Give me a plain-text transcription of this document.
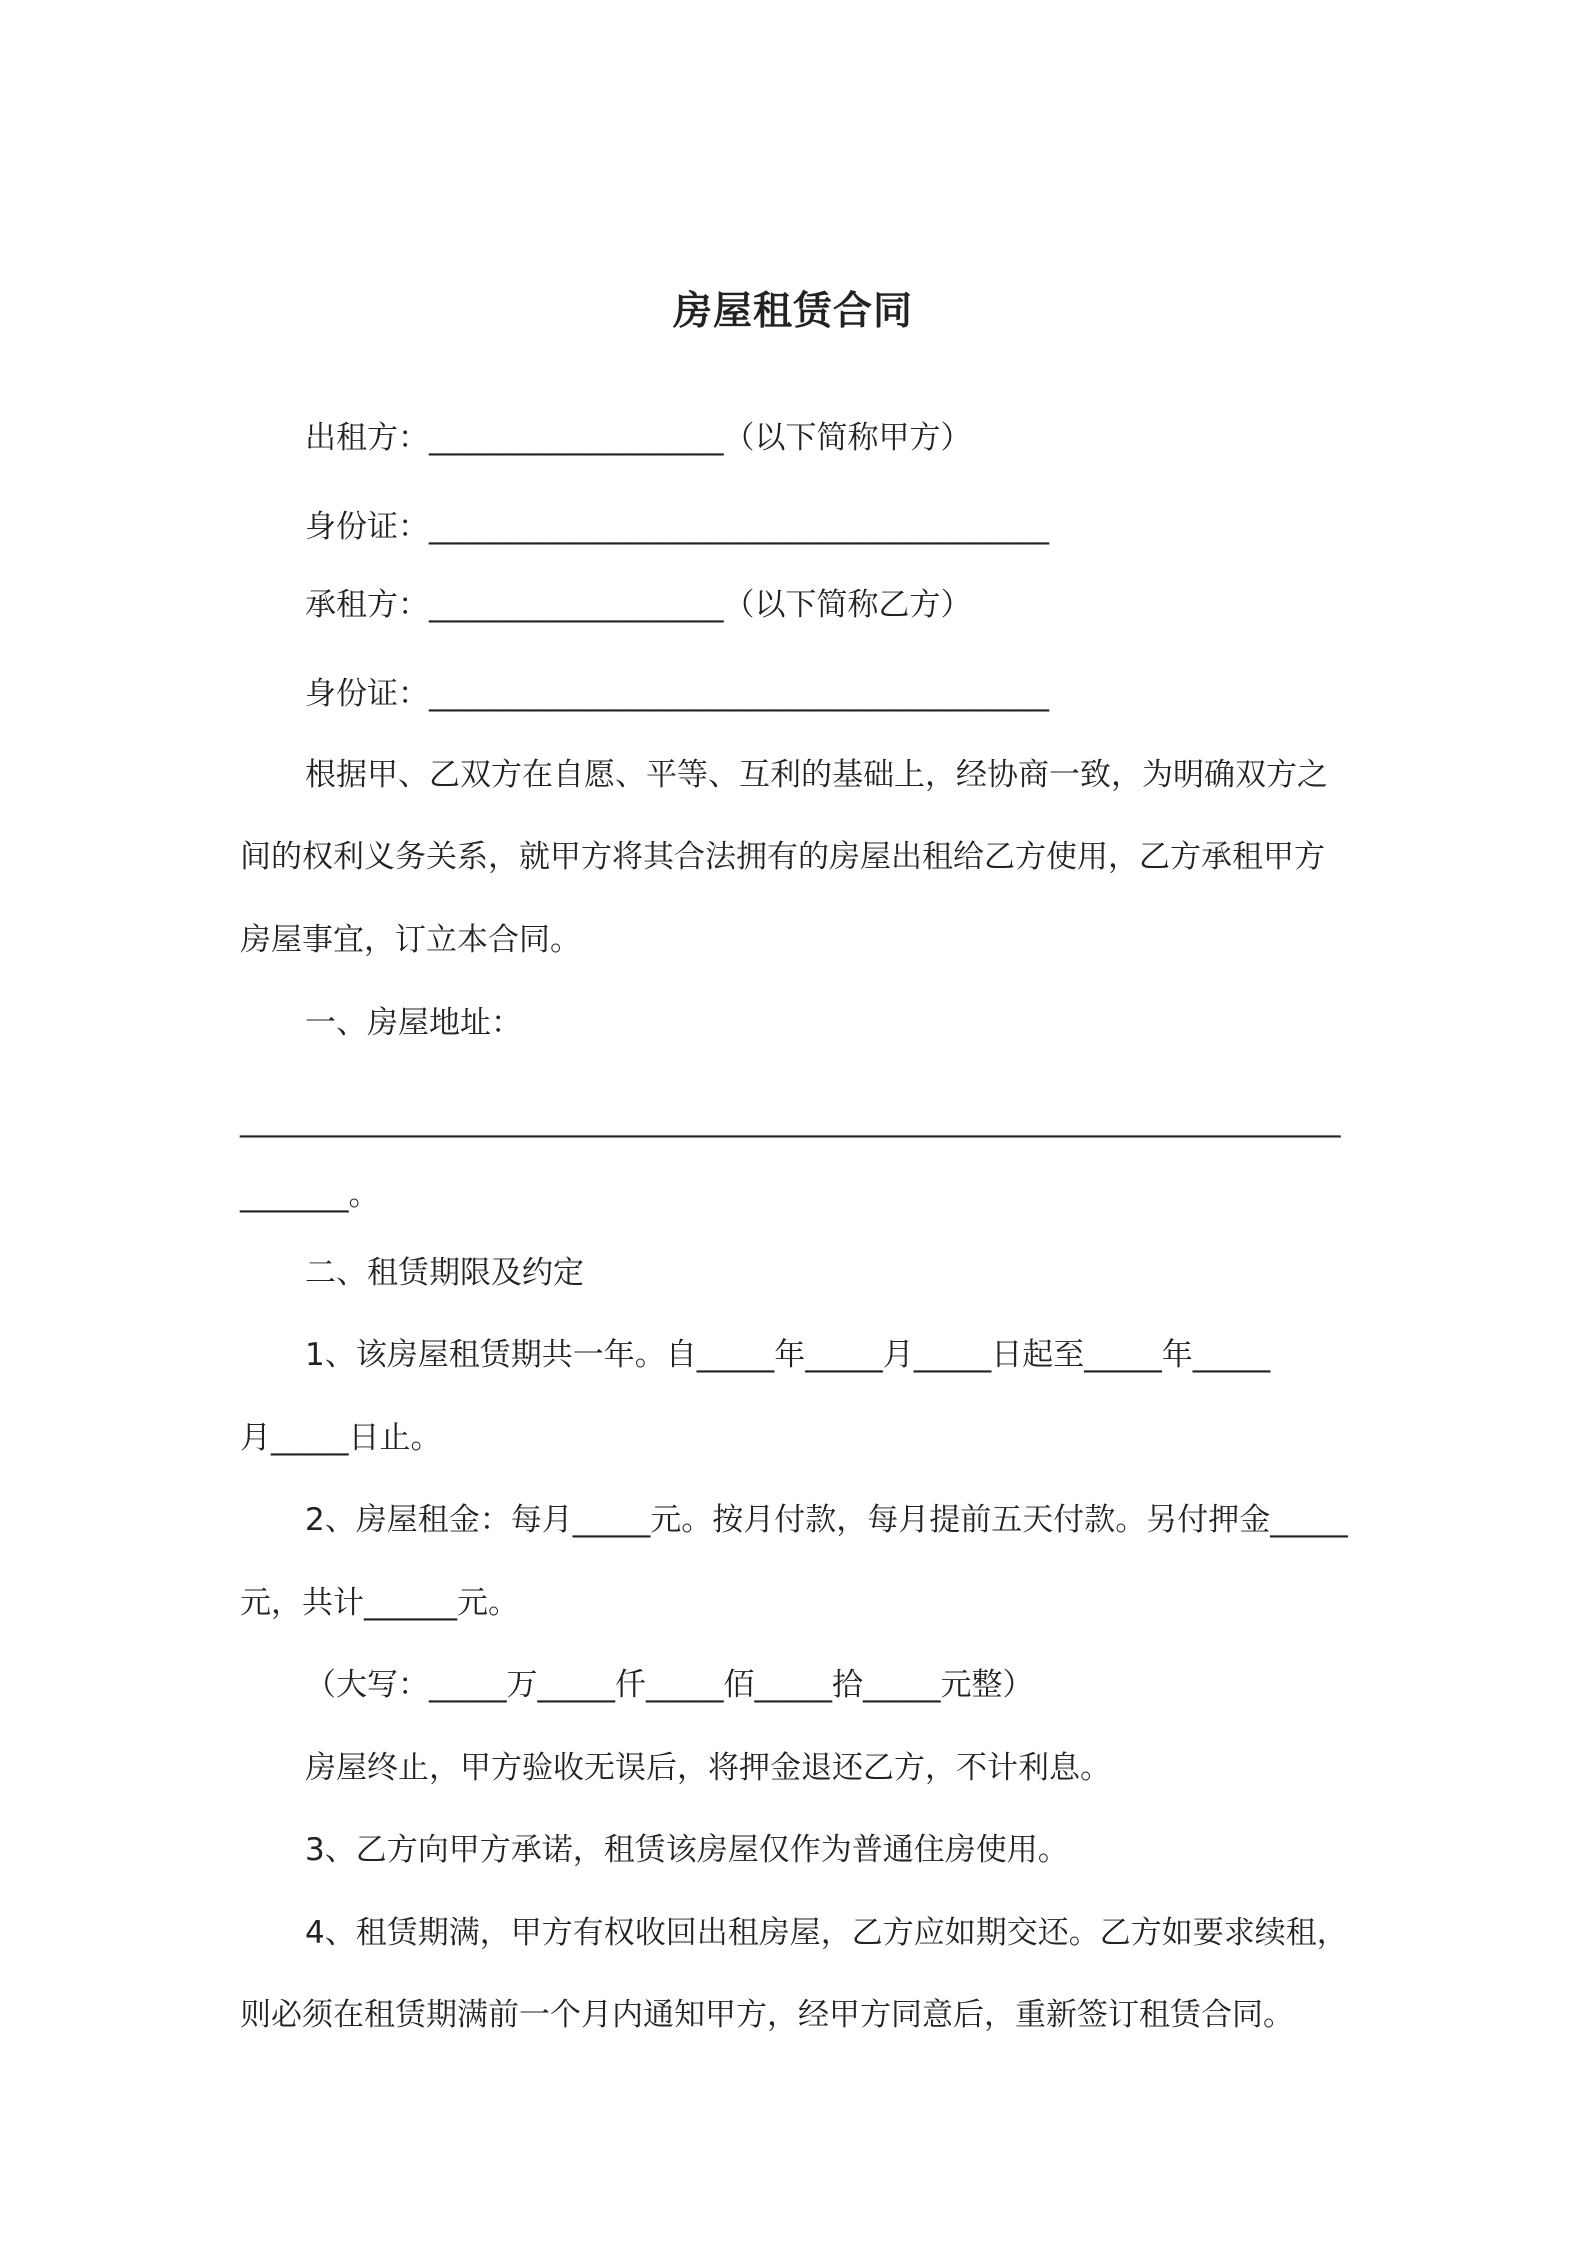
房屋租赁合同
出租方：___________________（以下简称甲方）
身份证：________________________________________
承租方：___________________（以下简称乙方）
身份证：________________________________________
根据甲、乙双方在自愿、平等、互利的基础上，经协商一致，为明确双方之
间的权利义务关系，就甲方将其合法拥有的房屋出租给乙方使用，乙方承租甲方
房屋事宜，订立本合同。
一、房屋地址：
_______________________________________________________________________
_______。
二、租赁期限及约定
1、该房屋租赁期共一年。自_____年_____月_____日起至_____年_____
月_____日止。
2、房屋租金：每月_____元。按月付款，每月提前五天付款。另付押金_____
元，共计______元。
（大写：_____万_____仟_____佰_____拾_____元整）
房屋终止，甲方验收无误后，将押金退还乙方，不计利息。
3、乙方向甲方承诺，租赁该房屋仅作为普通住房使用。
4、租赁期满，甲方有权收回出租房屋，乙方应如期交还。乙方如要求续租，
则必须在租赁期满前一个月内通知甲方，经甲方同意后，重新签订租赁合同。
